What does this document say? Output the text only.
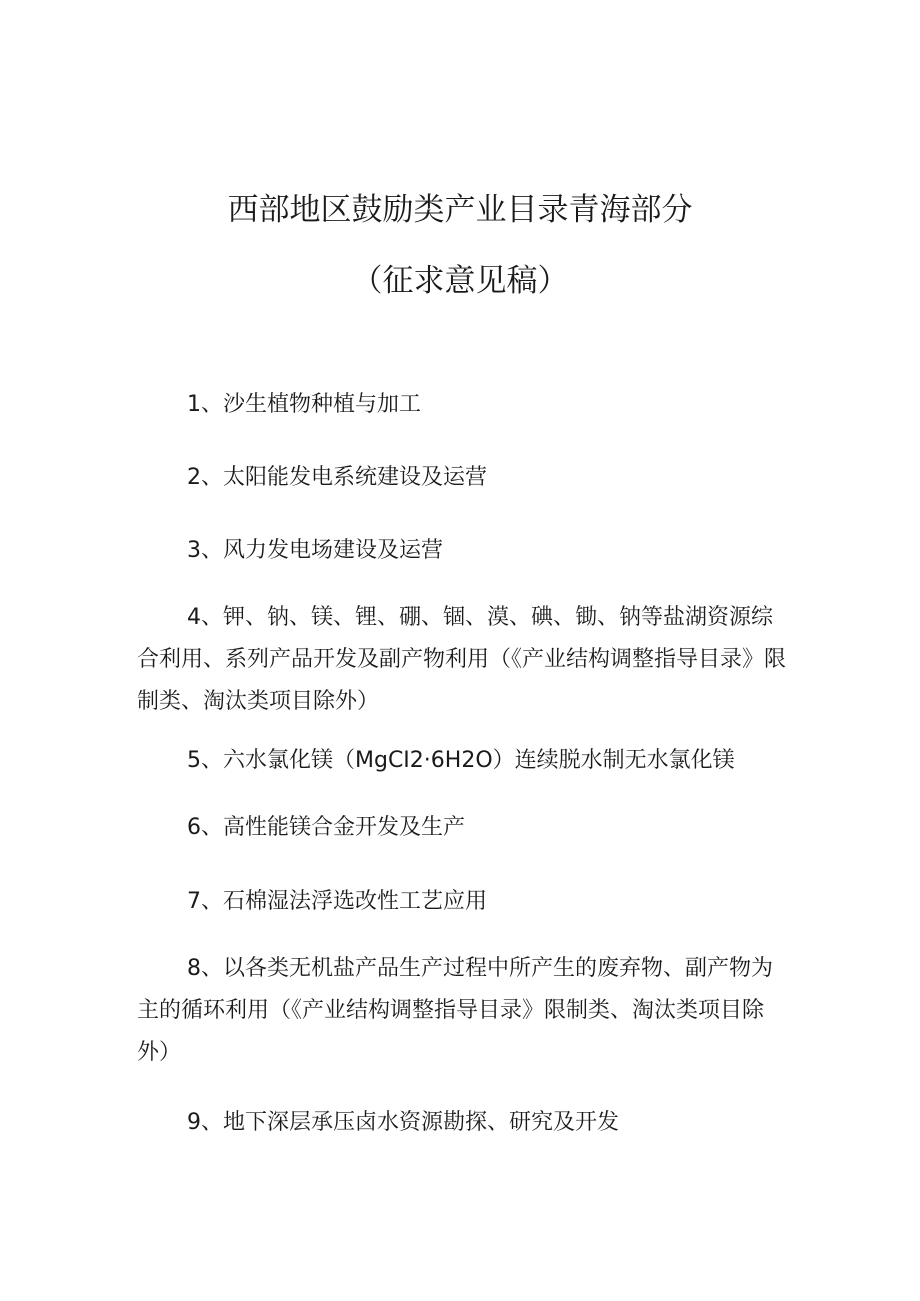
西部地区鼓励类产业目录青海部分
（征求意见稿）
1、沙生植物种植与加工
2、太阳能发电系统建设及运营
3、风力发电场建设及运营
4、钾、钠、镁、锂、硼、锢、漠、碘、锄、钠等盐湖资源综合利用、系列产品开发及副产物利用（《产业结构调整指导目录》限制类、淘汰类项目除外）
5、六水氯化镁（MgCI2·6H2O）连续脱水制无水氯化镁
6、高性能镁合金开发及生产
7、石棉湿法浮选改性工艺应用
8、以各类无机盐产品生产过程中所产生的废弃物、副产物为主的循环利用（《产业结构调整指导目录》限制类、淘汰类项目除外）
9、地下深层承压卤水资源勘探、研究及开发
